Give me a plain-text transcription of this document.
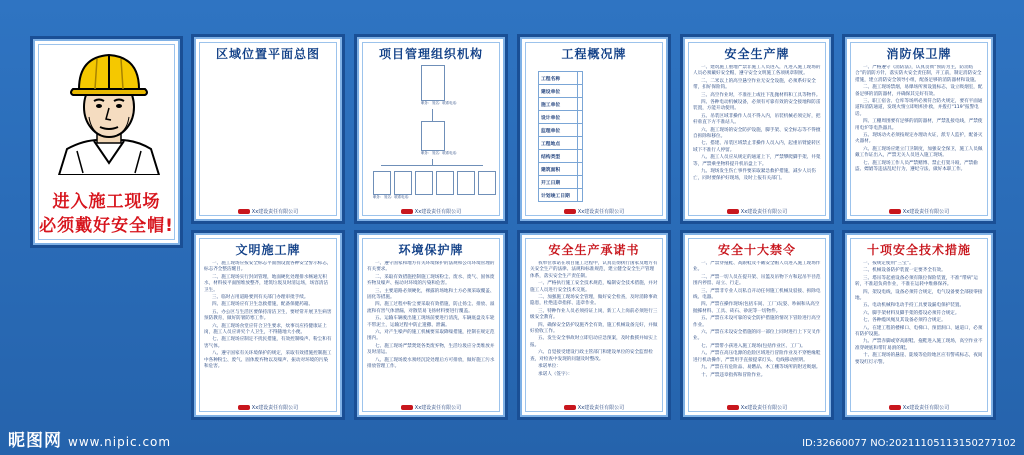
进入施工现场
必须戴好安全帽!
区域位置平面总图
Xx建设责任有限公司
项目管理组织机构
职务： 姓名：联系电话：
职务： 姓名：联系电话：
职务： 姓名：联系电话：
Xx建设责任有限公司
工程概况牌
工程名称	
建设单位	
施工单位	
设计单位	
监理单位	
工程地点	
结构类型	
建筑面积	
开工日期	
计划竣工日期	
Xx建设责任有限公司
安全生产牌

一、建筑施工重地严禁非施工人员进入，凡进入施工现场的人员必须戴好安全帽，遵守安全文明施工各项规章制度。

二、二米以上的高空悬空作业无安全设施，必须系好安全带，扣好保险钩。

三、高空作业时，不准往上或往下乱抛材料和工具等物件。

四、各种电动机械设备，必须有可靠有效的安全接地和防雷装置，方能开动使用。

五、吊装区域非操作人员不得入内，吊装机械必须完好，把杆垂直下方不准站人。

六、施工现场的安全防护设施，脚手架、安全标志等不得擅自拆除和移位。

七、搭建、吊装区域禁止非操作人员入内，起重吊臂旋转区域下不准行人停留。

八、施工人员应从规定的通道上下，严禁攀爬脚手架、井架等，严禁乘坐物料提升机吊盘上下。

九、现场发生伤亡事件要采取紧急救护措施，减少人员伤亡，同时要保护好现场，及时上报有关部门。

Xx建设责任有限公司
消防保卫牌

一、严格遵守《消防法》，认真贯彻“预防为主，防消结合”的消防方针，落实防火安全责任制，开工前，制定消防安全措施，建立消防安全领导小组，配备足够的消防器材和设施。

二、施工现场禁烟，易爆场所须设置标志，设立吸烟室，配备足够的消防器材，并确保其完好有效。

三、职工宿舍、仓库等场所必须符合防火规定，要有平面通道和消防通道，发现火情立即组织扑救，并拨打“119”报警电话。

四、工棚周围要有足够的消防器材，严禁乱接电线，严禁使用电炉等电热器具。

五、现场动火必须按规定办理动火证，派专人监护，配备灭火器材。

六、施工现场应建立门卫制度，加强安全保卫，施工人员佩戴工作证出入，严禁无关人员进入施工现场。

七、施工现场工作人员严禁赌博、禁止打架斗殴，严禁偷盗、嫖娼等违法乱纪行为，遵纪守法，做好本职工作。

Xx建设责任有限公司
文明施工牌

一、施工现场应按安全标志平面图设置各种安全警示标志，标志齐全整洁醒目。

二、施工现场实行封闭管理，地面硬化处理排水畅通无积水，材料按平面图堆放整齐，建筑垃圾及时清运场，场容清洁卫生。

三、临时占用道路要到有关部门办理审批手续。

四、施工现场应有卫生急救措施，配备保健药箱。

五、办公区与生活区要保持清洁卫生，要经常开展卫生病害预防教育，做好防暑防寒工作。

六、施工现场食堂应符合卫生要求，炊事员应持健康证上岗，施工人员应讲究个人卫生，不得随地大小便。

七、施工现场应制定不扰民措施，有效控制噪声、粉尘和有害气体。

八、遵守国家有关环境保护的规定，采取有效措施控制施工中各种粉尘、废气、固体废弃物以及噪声、振动对环境的污染和危害。

Xx建设责任有限公司
环境保护牌

一、遵守国家和地方有关环境保护的法规和公司环境管理的有关要求。

二、采取有效措施控制施工现场粉尘、废水、废气、固体废弃物及噪声、振动对环境的污染和危害。

三、主要道路必须硬化，裸露的场地和土方必须采取覆盖、固化等措施。

四、施工过程中粉尘要采取有效措施，防止扬尘、排放、溢流和有害气体泄漏，对散装易飞扬材料要进行覆盖。

五、运输车辆驶出施工现场前要进行清洗，车辆底盘及车轮不带泥土，运输过程中防止遗撒、泄漏。

六、对产生噪声的施工机械要采取降噪措施，控制在规定范围内。

七、施工现场严禁焚烧各类废弃物，生活垃圾应分类堆放并及时清运。

八、施工现场废水须经沉淀处理后方可排放，做好施工污水排放管理工作。

Xx建设责任有限公司
安全生产承诺书

我单位承诺在项目施工过程中，认真贯彻执行国家及地方有关安全生产的法律、法规和标准规范，建立健全安全生产管理体系，落实安全生产责任制。

一、严格执行施工安全技术规范，编制安全技术措施，并对施工人员进行安全技术交底。

二、加强施工现场安全管理，做好安全检查，及时消除事故隐患，杜绝违章指挥、违章作业。

三、特种作业人员必须持证上岗，新工人上岗前必须进行三级安全教育。

四、确保安全防护设施齐全有效，施工机械设备完好，并做好验收工作。

五、发生安全事故时立即启动应急预案，及时救援并如实上报。

六、自觉接受建设行政主管部门和建设单位的安全监督检查，对检查中发现的问题及时整改。

承诺单位：

承诺人（签字）：

Xx建设责任有限公司
安全十大禁令

一、严禁穿拖鞋、高跟鞋及不戴安全帽人员进入施工现场作业。

二、严禁一切人员在提升架、吊篮及吊物下方和起吊半径范围内停留、站立、行走。

三、严禁非专业人员私自开动任何施工机械及驳接、拆除电线、电器。

四、严禁在操作现场(包括车间、工厂)玩耍、吵闹和从高空抛掷材料、工具、砖石、砂泥等一切物件。

五、严禁在未设可靠的安全防护措施的情况下冒险进行高空作业。

六、严禁在未设安全措施的同一部位上同时进行上下交叉作业。

七、严禁带小孩进入施工现场(包括作业区、工厂)。

八、严禁在高压电源的危险区域进行冒险作业及不穿绝缘鞋进行机动操作，严禁用手直接提拿灯头、电线移动照明。

九、严禁在有危险品、易燃品、木工棚等场所的附近吸烟。

十、严禁违章指挥和冒险作业。

Xx建设责任有限公司
十项安全技术措施

一、按规定使用“三宝”。

二、机械设备防护装置一定要齐全有效。

三、塔吊等起重设备必须有限位保险装置，不准“带病”运转，不准超负荷作业，不准在运转中维修保养。

四、架设电线，设备必须符合规定，电气设备要全部接零接地。

五、电动机械和电动手持工具要设漏电保护装置。

六、脚手架材料及脚手架的搭设必须符合规定。

七、各种缆风绳及其设备必须符合规定。

八、在建工程的楼梯口、电梯口、预留洞口、通道口，必须有防护设施。

九、严禁赤脚或穿高跟鞋、拖鞋进入施工现场，高空作业不准穿硬底和带钉易滑的鞋。

十、施工现场的悬崖、陡坡等危险地区应有警戒标志，夜间要设红灯示警。

Xx建设责任有限公司
昵图网 www.nipic.com	ID:32660077 NO:20211105113150277102
